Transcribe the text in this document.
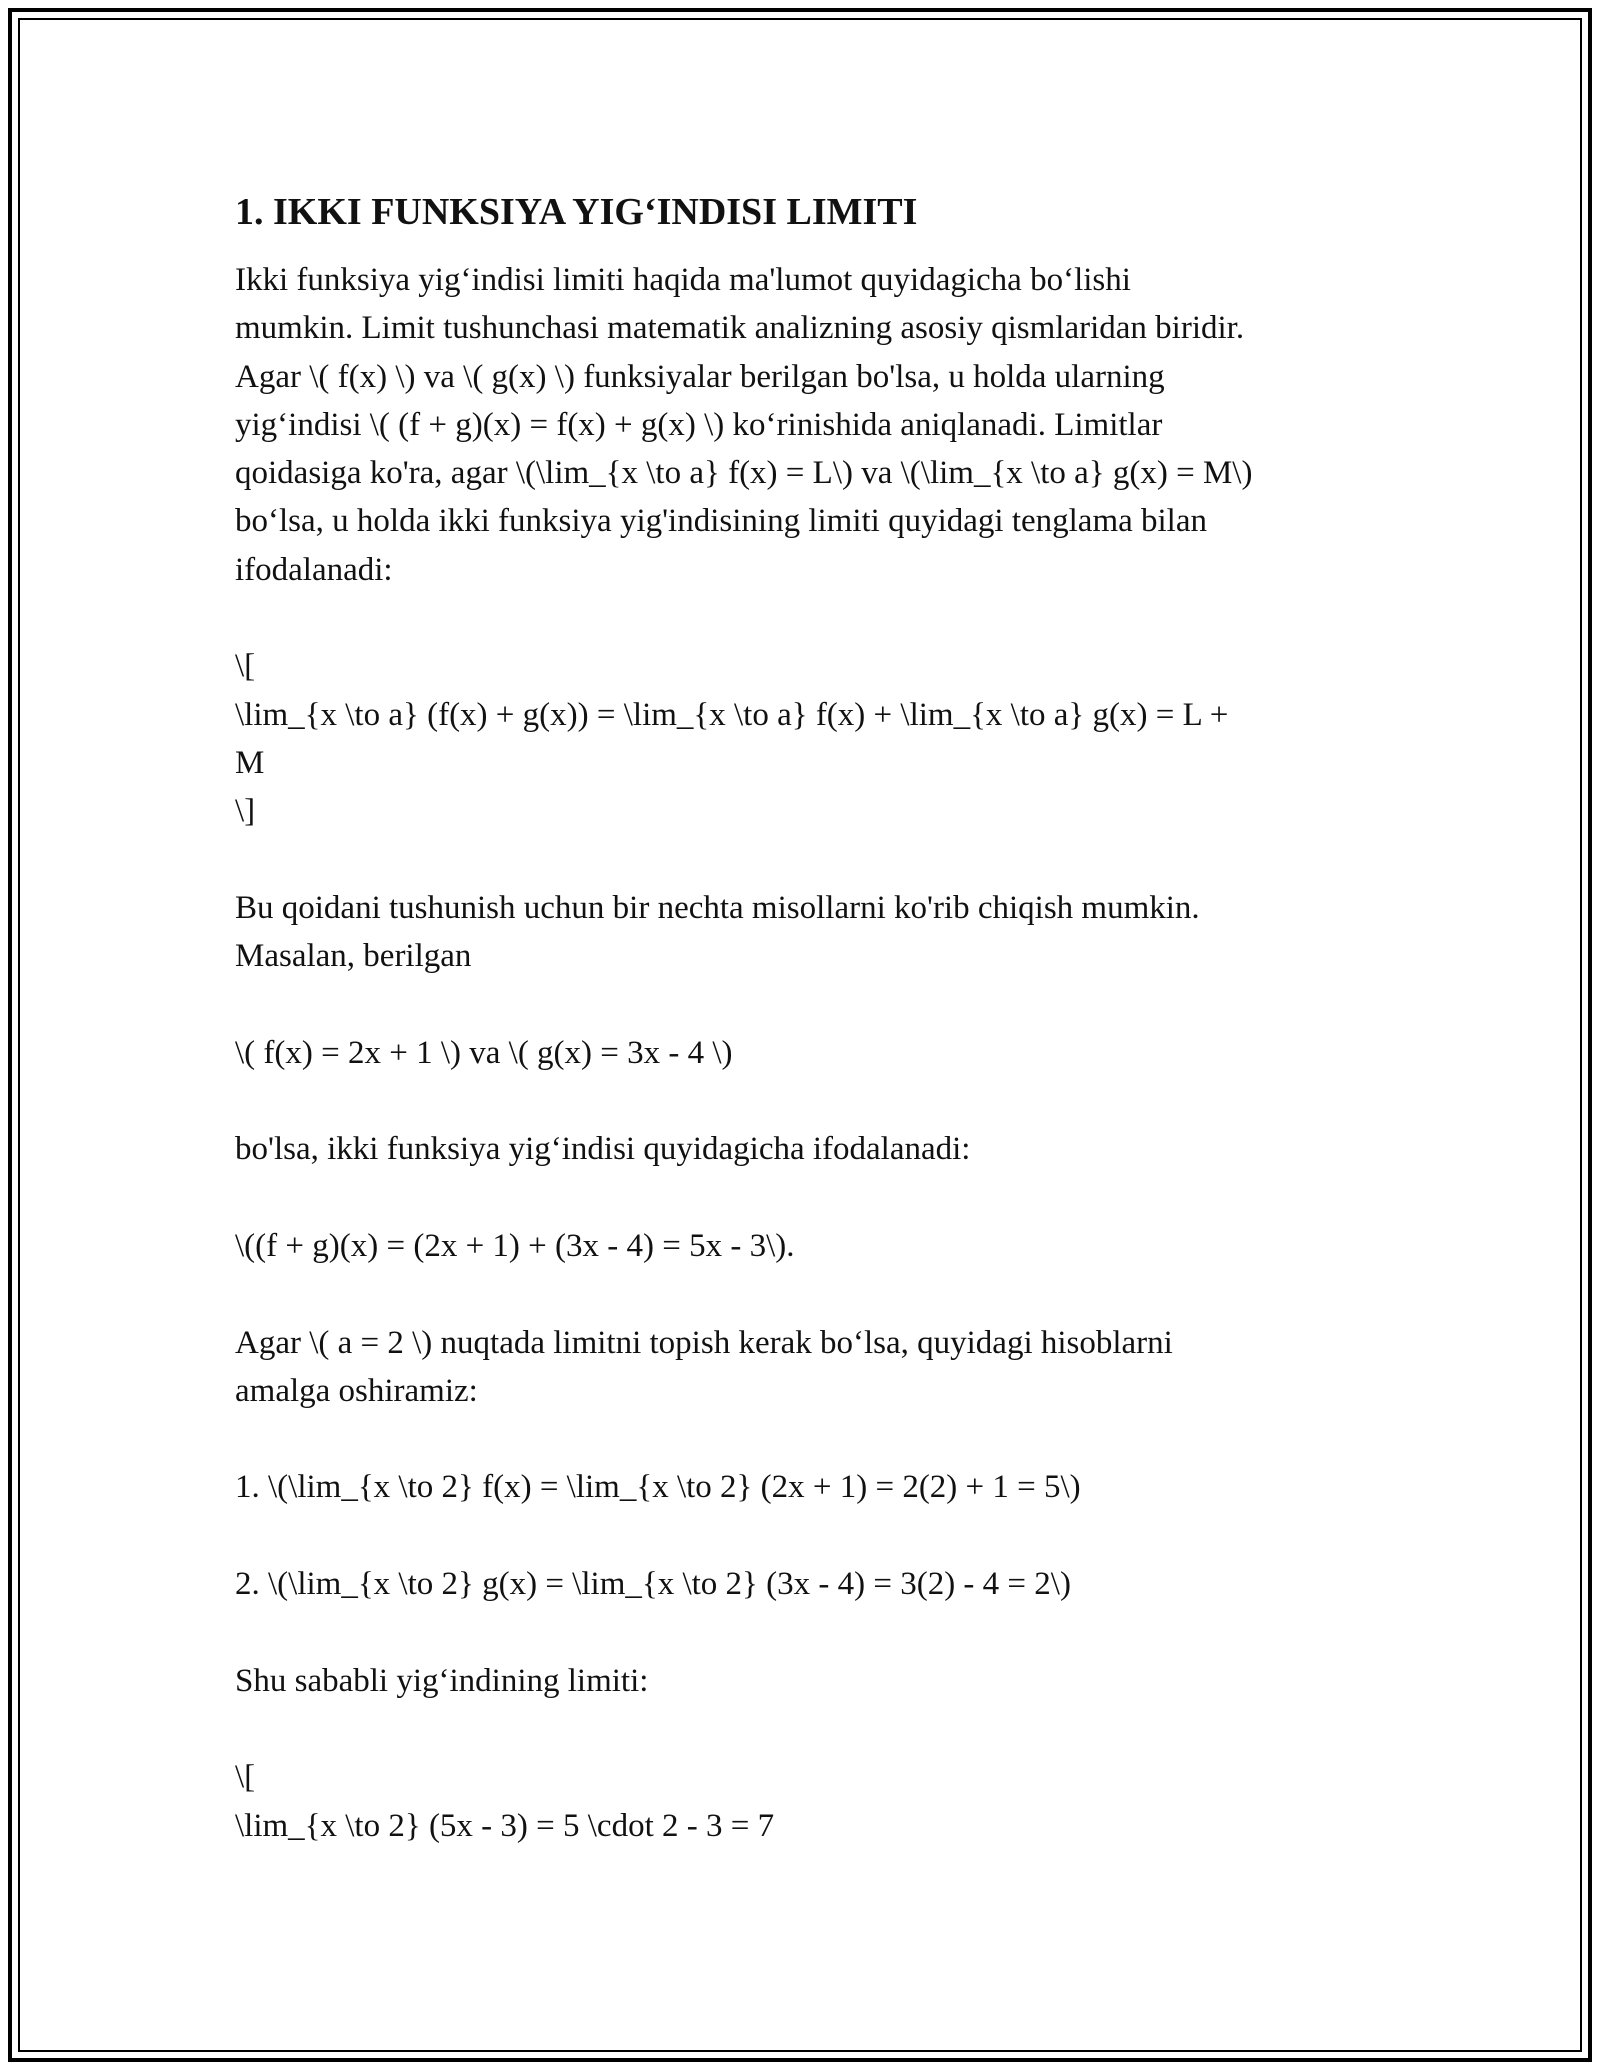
1. IKKI FUNKSIYA YIG‘INDISI LIMITI
Ikki funksiya yig‘indisi limiti haqida ma'lumot quyidagicha bo‘lishi
mumkin. Limit tushunchasi matematik analizning asosiy qismlaridan biridir.
Agar \( f(x) \) va \( g(x) \) funksiyalar berilgan bo'lsa, u holda ularning
yig‘indisi \( (f + g)(x) = f(x) + g(x) \) ko‘rinishida aniqlanadi. Limitlar
qoidasiga ko'ra, agar \(\lim_{x \to a} f(x) = L\) va \(\lim_{x \to a} g(x) = M\)
bo‘lsa, u holda ikki funksiya yig'indisining limiti quyidagi tenglama bilan
ifodalanadi:
\[
\lim_{x \to a} (f(x) + g(x)) = \lim_{x \to a} f(x) + \lim_{x \to a} g(x) = L +
M
\]
Bu qoidani tushunish uchun bir nechta misollarni ko'rib chiqish mumkin.
Masalan, berilgan
\( f(x) = 2x + 1 \) va \( g(x) = 3x - 4 \)
bo'lsa, ikki funksiya yig‘indisi quyidagicha ifodalanadi:
\((f + g)(x) = (2x + 1) + (3x - 4) = 5x - 3\).
Agar \( a = 2 \) nuqtada limitni topish kerak bo‘lsa, quyidagi hisoblarni
amalga oshiramiz:
1. \(\lim_{x \to 2} f(x) = \lim_{x \to 2} (2x + 1) = 2(2) + 1 = 5\)
2. \(\lim_{x \to 2} g(x) = \lim_{x \to 2} (3x - 4) = 3(2) - 4 = 2\)
Shu sababli yig‘indining limiti:
\[
\lim_{x \to 2} (5x - 3) = 5 \cdot 2 - 3 = 7
